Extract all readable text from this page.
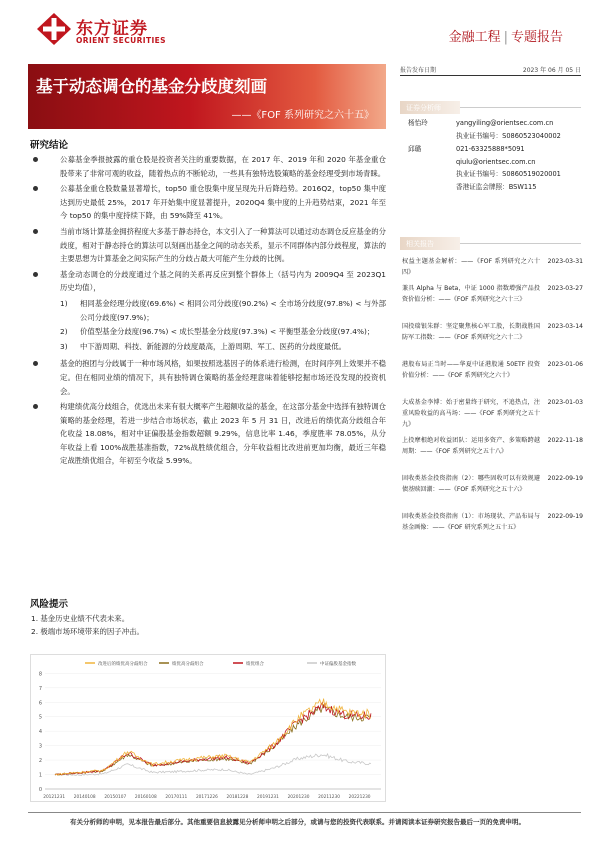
东方证券
ORIENT SECURITIES	金融工程 | 专题报告
报告发布日期	2023 年 06 月 05 日
基于动态调仓的基金分歧度刻画
——《FOF 系列研究之六十五》
研究结论
公募基金季报披露的重仓股是投资者关注的重要数据，在 2017 年、2019 年和 2020 年基金重仓股带来了非常可观的收益，随着热点的不断轮动，一些具有独特选股策略的基金经理受到市场青睐。
公募基金重仓股数量显著增长，top50 重仓股集中度呈现先升后降趋势。2016Q2，top50 集中度达到历史最低 25%，2017 年开始集中度显著提升，2020Q4 集中度的上升趋势结束，2021 年至今 top50 的集中度持续下降，由 59%降至 41%。
当前市场计算基金拥挤程度大多基于静态持仓，本文引入了一种算法可以通过动态调仓反应基金的分歧度，相对于静态持仓的算法可以刻画出基金之间的动态关系，显示不同群体内部分歧程度，算法的主要思想为计算基金之间实际产生的分歧占最大可能产生分歧的比例。
基金动态调仓的分歧度通过个基之间的关系再反应到整个群体上（括号内为 2009Q4 至 2023Q1 历史均值），
1) 相同基金经理分歧度(69.6%) < 相同公司分歧度(90.2%) < 全市场分歧度(97.8%) < 与外部公司分歧度(97.9%)；
2) 价值型基金分歧度(96.7%) < 成长型基金分歧度(97.3%) < 平衡型基金分歧度(97.4%)；
3) 中下游周期、科技、新能源的分歧度最高，上游周期、军工、医药的分歧度最低。
基金的抱团与分歧属于一种市场风格，如果按照选基因子的体系进行检测，在时间序列上效果并不稳定。但在相同业绩的情况下，具有独特调仓策略的基金经理意味着能够挖掘市场还没发现的投资机会。
构建绩优高分歧组合，优选出未来有很大概率产生超额收益的基金，在这部分基金中选择有独特调仓策略的基金经理，若进一步结合市场状态，截止 2023 年 5 月 31 日，改进后的绩优高分歧组合年化收益 18.08%，相对中证偏股基金指数超额 9.29%，信息比率 1.46，季度胜率 78.05%，从分年收益上看 100%战胜基准指数，72%战胜绩优组合，分年收益相比改进前更加均衡，最近三年稳定战胜绩优组合，年初至今收益 5.99%。
风险提示
1. 基金历史业绩不代表未来。
2. 极端市场环境带来的因子冲击。
0
1
2
3
4
5
6
7
8
20121231 20140108 20150107 20160108 20170111 20171226 20181228 20191231 20201230 20211230 20221230
改进后的绩优高分歧组合	绩优高分歧组合	绩优组合	中证偏股基金指数
证券分析师
杨怡玲	yangyiling@orientsec.com.cn
执业证书编号：S0860523040002
邱璐	021-63325888*5091
qiulu@orientsec.com.cn
执业证书编号：S0860519020001
香港证监会牌照：BSW115
相关报告
权益主题基金解析：——《FOF 系列研究之六十四》
2023-03-31
兼具 Alpha 与 Beta，中证 1000 指数增强产品投资价值分析：——《FOF 系列研究之六十三》
2023-03-27
国投瑞银朱群：坚定聚焦核心军工股，长期战胜国防军工指数：——《FOF 系列研究之六十二》
2023-03-14
港股布局正当时——华夏中证港股通 50ETF 投资价值分析：——《FOF 系列研究之六十》
2023-01-06
大成基金李博：始于密量终于研究，不追热点，注重风险收益的高马场：——《FOF 系列研究之五十九》
2023-01-03
上投摩根绝对收益团队：运用多资产、多策略跨越周期：——《FOF 系列研究之五十八》
2022-11-18
固收类基金投资指南（2）：哪些固收可以有效规避债基赎回潮：——《FOF 系列研究之五十六》
2022-09-19
固收类基金投资指南（1）：市场现状、产品布局与基金画像：——《FOF 研究系列之五十五》
2022-09-19
有关分析师的申明，见本报告最后部分。其他重要信息披露见分析师申明之后部分，或请与您的投资代表联系。并请阅读本证券研究报告最后一页的免责申明。
